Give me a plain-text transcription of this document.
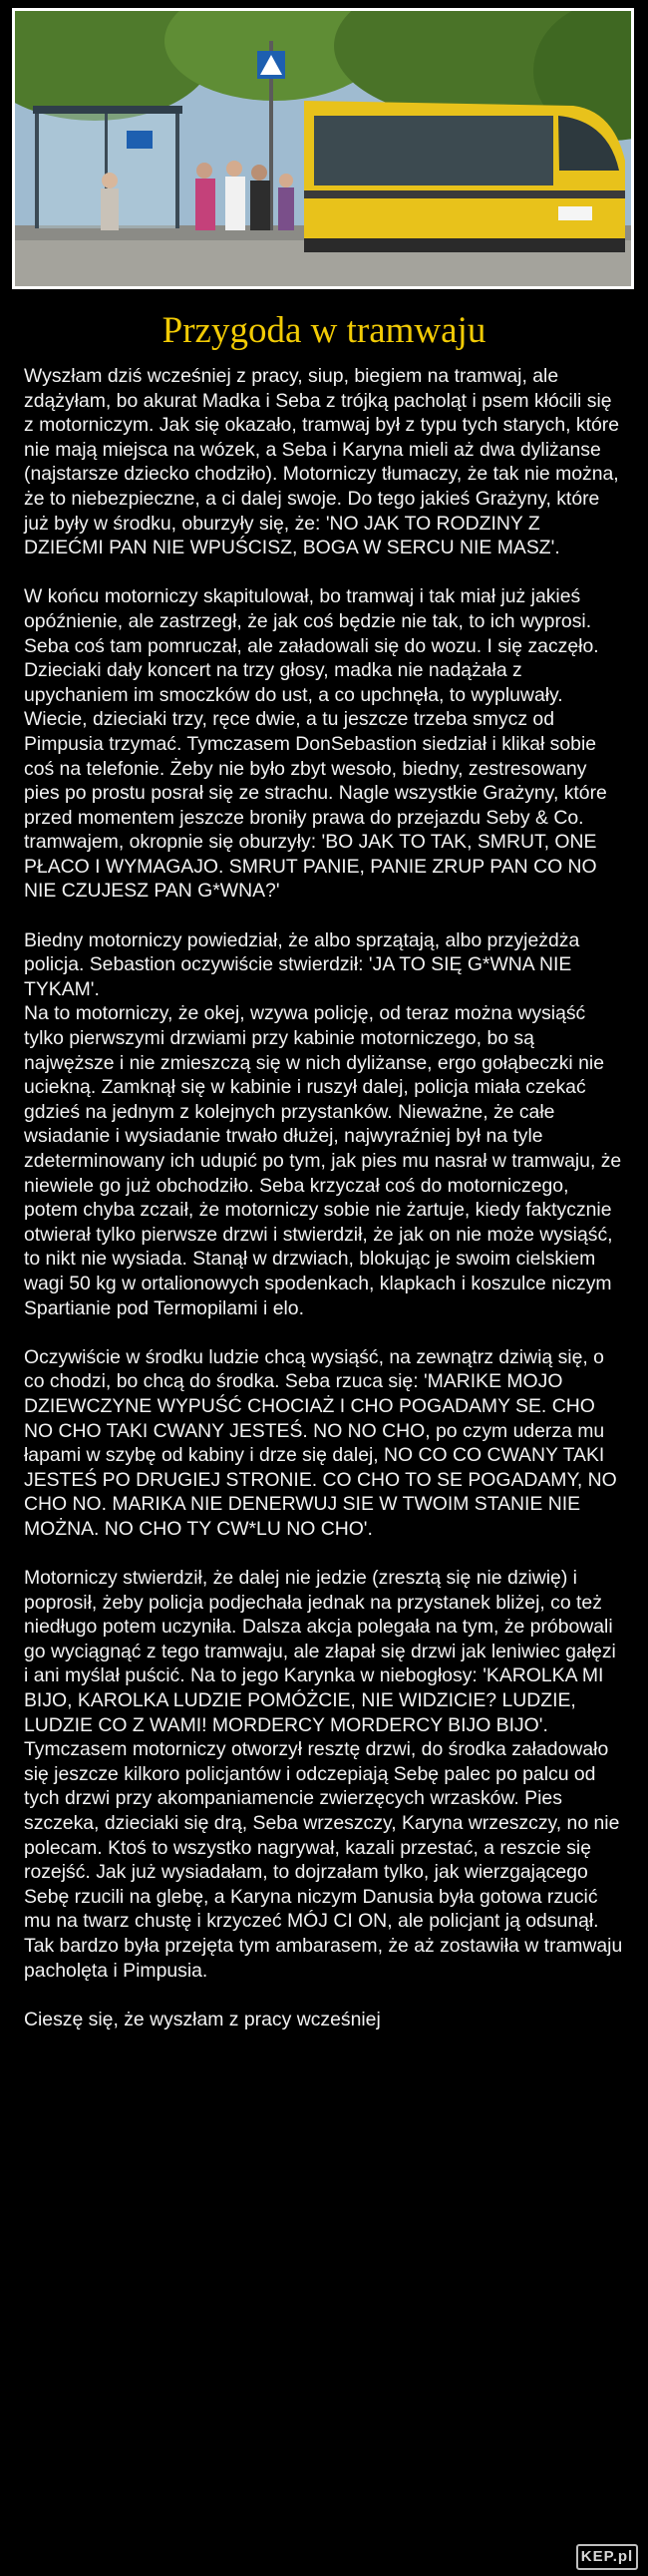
Przygoda w tramwaju

Wyszłam dziś wcześniej z pracy, siup, biegiem na tramwaj, ale zdążyłam, bo akurat Madka i Seba z trójką pacholąt i psem kłócili się z motorniczym. Jak się okazało, tramwaj był z typu tych starych, które nie mają miejsca na wózek, a Seba i Karyna mieli aż dwa dyliżanse (najstarsze dziecko chodziło). Motorniczy tłumaczy, że tak nie można, że to niebezpieczne, a ci dalej swoje. Do tego jakieś Grażyny, które już były w środku, oburzyły się, że: 'NO JAK TO RODZINY Z DZIEĆMI PAN NIE WPUŚCISZ, BOGA W SERCU NIE MASZ'.

W końcu motorniczy skapitulował, bo tramwaj i tak miał już jakieś opóźnienie, ale zastrzegł, że jak coś będzie nie tak, to ich wyprosi. Seba coś tam pomruczał, ale załadowali się do wozu. I się zaczęło. Dzieciaki dały koncert na trzy głosy, madka nie nadążała z upychaniem im smoczków do ust, a co upchnęła, to wypluwały. Wiecie, dzieciaki trzy, ręce dwie, a tu jeszcze trzeba smycz od Pimpusia trzymać. Tymczasem DonSebastion siedział i klikał sobie coś na telefonie. Żeby nie było zbyt wesoło, biedny, zestresowany pies po prostu posrał się ze strachu. Nagle wszystkie Grażyny, które przed momentem jeszcze broniły prawa do przejazdu Seby & Co. tramwajem, okropnie się oburzyły: 'BO JAK TO TAK, SMRUT, ONE PŁACO I WYMAGAJO. SMRUT PANIE, PANIE ZRUP PAN CO NO NIE CZUJESZ PAN G*WNA?'

Biedny motorniczy powiedział, że albo sprzątają, albo przyjeżdża policja. Sebastion oczywiście stwierdził: 'JA TO SIĘ G*WNA NIE TYKAM'.
Na to motorniczy, że okej, wzywa policję, od teraz można wysiąść tylko pierwszymi drzwiami przy kabinie motorniczego, bo są najwęższe i nie zmieszczą się w nich dyliżanse, ergo gołąbeczki nie uciekną. Zamknął się w kabinie i ruszył dalej, policja miała czekać gdzieś na jednym z kolejnych przystanków. Nieważne, że całe wsiadanie i wysiadanie trwało dłużej, najwyraźniej był na tyle zdeterminowany ich udupić po tym, jak pies mu nasrał w tramwaju, że niewiele go już obchodziło. Seba krzyczał coś do motorniczego, potem chyba zczaił, że motorniczy sobie nie żartuje, kiedy faktycznie otwierał tylko pierwsze drzwi i stwierdził, że jak on nie może wysiąść, to nikt nie wysiada. Stanął w drzwiach, blokując je swoim cielskiem wagi 50 kg w ortalionowych spodenkach, klapkach i koszulce niczym Spartianie pod Termopilami i elo.

Oczywiście w środku ludzie chcą wysiąść, na zewnątrz dziwią się, o co chodzi, bo chcą do środka. Seba rzuca się: 'MARIKE MOJO DZIEWCZYNE WYPUŚĆ CHOCIAŻ I CHO POGADAMY SE. CHO NO CHO TAKI CWANY JESTEŚ. NO NO CHO, po czym uderza mu łapami w szybę od kabiny i drze się dalej, NO CO CO CWANY TAKI JESTEŚ PO DRUGIEJ STRONIE. CO CHO TO SE POGADAMY, NO CHO NO. MARIKA NIE DENERWUJ SIE W TWOIM STANIE NIE MOŻNA. NO CHO TY CW*LU NO CHO'.

Motorniczy stwierdził, że dalej nie jedzie (zresztą się nie dziwię) i poprosił, żeby policja podjechała jednak na przystanek bliżej, co też niedługo potem uczyniła. Dalsza akcja polegała na tym, że próbowali go wyciągnąć z tego tramwaju, ale złapał się drzwi jak leniwiec gałęzi i ani myślał puścić. Na to jego Karynka w niebogłosy: 'KAROLKA MI BIJO, KAROLKA LUDZIE POMÓŻCIE, NIE WIDZICIE? LUDZIE, LUDZIE CO Z WAMI! MORDERCY MORDERCY BIJO BIJO'. Tymczasem motorniczy otworzył resztę drzwi, do środka załadowało się jeszcze kilkoro policjantów i odczepiają Sebę palec po palcu od tych drzwi przy akompaniamencie zwierzęcych wrzasków. Pies szczeka, dzieciaki się drą, Seba wrzeszczy, Karyna wrzeszczy, no nie polecam. Ktoś to wszystko nagrywał, kazali przestać, a reszcie się rozejść. Jak już wysiadałam, to dojrzałam tylko, jak wierzgającego Sebę rzucili na glebę, a Karyna niczym Danusia była gotowa rzucić mu na twarz chustę i krzyczeć MÓJ CI ON, ale policjant ją odsunął. Tak bardzo była przejęta tym ambarasem, że aż zostawiła w tramwaju pacholęta i Pimpusia.

Cieszę się, że wyszłam z pracy wcześniej

KEP.pl
